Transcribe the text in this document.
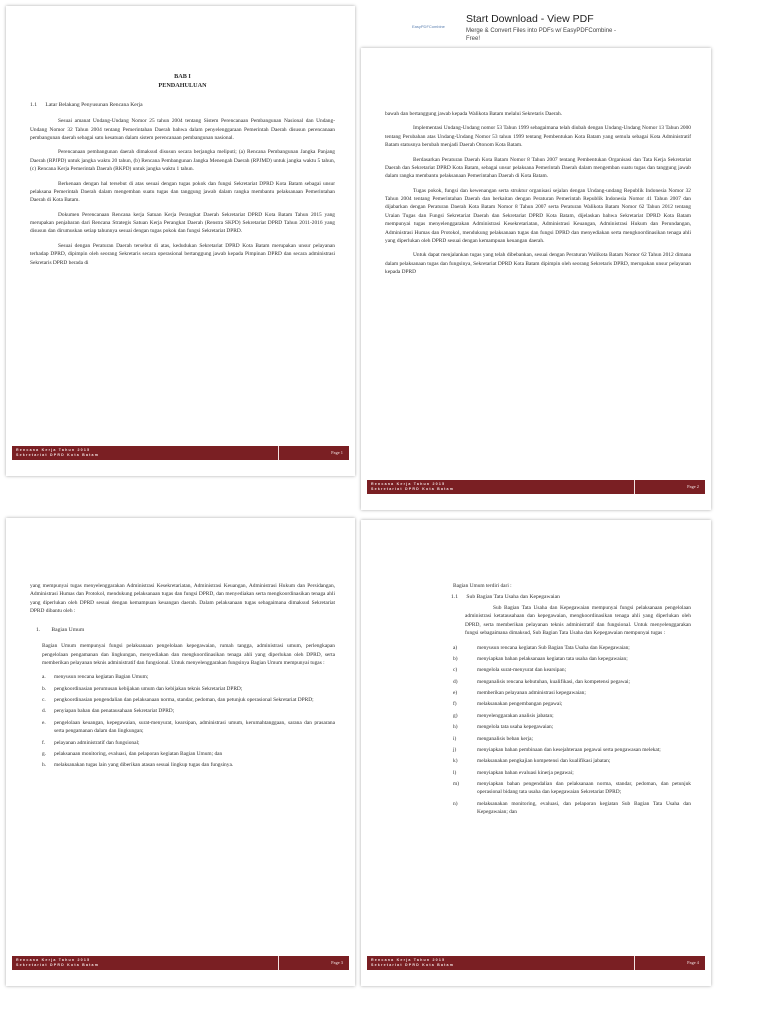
EasyPDFCombine
Start Download - View PDF
Merge & Convert Files into PDFs w/ EasyPDFCombine - Free!
BAB I
PENDAHULUAN
1.1 Latar Belakang Penyusunan Rencana Kerja

Sesuai amanat Undang-Undang Nomor 25 tahun 2004 tentang Sistem Perencanaan Pembangunan Nasional dan Undang-Undang Nomor 32 Tahun 2004 tentang Pemerintahan Daerah bahwa dalam penyelenggaraan Pemerintah Daerah disusun perencanaan pembangunan daerah sebagai satu kesatuan dalam sistem perencanaan pembangunan nasional.

Perencanaan pembangunan daerah dimaksud disusun secara berjangka meliputi; (a) Rencana Pembangunan Jangka Panjang Daerah (RPJPD) untuk jangka waktu 20 tahun, (b) Rencana Pembangunan Jangka Menengah Daerah (RPJMD) untuk jangka waktu 5 tahun, (c) Rencana Kerja Pemerintah Daerah (RKPD) untuk jangka waktu 1 tahun.

Berkenaan dengan hal tersebut di atas sesuai dengan tugas pokok dan fungsi Sekretariat DPRD Kota Batam sebagai unsur pelaksana Pemerintah Daerah dalam mengemban suatu tugas dan tanggung jawab dalam rangka membantu pelaksanaan Pemerintahan Daerah di Kota Batam.

Dokumen Perencanaan Rencana kerja Satuan Kerja Perangkat Daerah Sekretariat DPRD Kota Batam Tahun 2015 yang merupakan penjabaran dari Rencana Strategis Satuan Kerja Perangkat Daerah (Renstra SKPD) Sekretariat DPRD Tahun 2011-2016 yang disusun dan dirumuskan setiap tahunnya sesuai dengan tugas pokok dan fungsi Sekretariat DPRD.

Sesuai dengan Peraturan Daerah tersebut di atas, kedudukan Sekretariat DPRD Kota Batam merupakan unsur pelayanan terhadap DPRD, dipimpin oleh seorang Sekretaris secara operasional bertanggung jawab kepada Pimpinan DPRD dan secara administrasi Sekretaris DPRD berada di

Rencana Kerja Tahun 2015
Sekretariat DPRD Kota Batam	Page 1

bawah dan bertanggung jawab kepada Walikota Batam melalui Sekretaris Daerah.

Implementasi Undang-Undang nomor 53 Tahun 1999 sebagaimana telah diubah dengan Undang-Undang Nomor 13 Tahun 2000 tentang Perubahan atas Undang-Undang Nomor 53 tahun 1999 tentang Pembentukan Kota Batam yang semula sebagai Kota Administratif Batam statusnya berubah menjadi Daerah Otonom Kota Batam.

Berdasarkan Peraturan Daerah Kota Batam Nomor 8 Tahun 2007 tentang Pembentukan Organisasi dan Tata Kerja Sekretariat Daerah dan Sekretariat DPRD Kota Batam, sebagai unsur pelaksana Pemerintah Daerah dalam mengemban suatu tugas dan tanggung jawab dalam rangka membantu pelaksanaan Pemerintahan Daerah di Kota Batam.

Tugas pokok, fungsi dan kewenangan serta struktur organisasi sejalan dengan Undang-undang Republik Indonesia Nomor 32 Tahun 2004 tentang Pemerintahan Daerah dan berkaitan dengan Peraturan Pemerintah Republik Indonesia Nomor 41 Tahun 2007 dan dijabarkan dengan Peraturan Daerah Kota Batam Nomor 8 Tahun 2007 serta Peraturan Walikota Batam Nomor 62 Tahun 2012 tentang Uraian Tugas dan Fungsi Sekretariat Daerah dan Sekretariat DPRD Kota Batam, dijelaskan bahwa Sekretariat DPRD Kota Batam mempunyai tugas menyelenggarakan Administrasi Kesekretariatan, Administrasi Keuangan, Administrasi Hukum dan Perundangan, Administrasi Humas dan Protokol, mendukung pelaksanaan tugas dan fungsi DPRD dan menyediakan serta mengkoordinasikan tenaga ahli yang diperlukan oleh DPRD sesuai dengan kemampuan keuangan daerah.

Untuk dapat menjalankan tugas yang telah dibebankan, sesuai dengan Peraturan Walikota Batam Nomor 62 Tahun 2012 dimana dalam pelaksanaan tugas dan fungsinya, Sekretariat DPRD Kota Batam dipimpin oleh seorang Sekretaris DPRD, merupakan unsur pelayanan kepada DPRD

Rencana Kerja Tahun 2015
Sekretariat DPRD Kota Batam	Page 2

yang mempunyai tugas menyelenggarakan Administrasi Kesekretariatan, Administrasi Keuangan, Administrasi Hukum dan Persidangan, Administrasi Humas dan Protokol, mendukung pelaksanaan tugas dan fungsi DPRD, dan menyediakan serta mengkoordinasikan tenaga ahli yang diperlukan oleh DPRD sesuai dengan kemampuan keuangan daerah. Dalam pelaksanaan tugas sebagaimana dimaksud Sekretariat DPRD dibantu oleh :

1. Bagian Umum

Bagian Umum mempunyai fungsi pelaksanaan pengelolaan kepegawaian, rumah tangga, administrasi umum, perlengkapan pengelolaan pengamanan dan lingkungan, menyediakan dan mengkoordinasikan tenaga ahli yang diperlukan oleh DPRD, serta memberikan pelayanan teknis administratif dan fungsional. Untuk menyelenggarakan fungsinya Bagian Umum mempunyai tugas :

a. menyusun rencana kegiatan Bagian Umum;
b. pengkoordinasian perumusan kebijakan umum dan kebijakan teknis Sekretariat DPRD;
c. pengkoordinasian pengendalian dan pelaksanaan norma, standar, pedoman, dan petunjuk operasional Sekretariat DPRD;
d. penyiapan bahan dan penatausahaan Sekretariat DPRD;
e. pengelolaan keuangan, kepegawaian, surat-menyurat, kearsipan, administrasi umum, kerumahtanggaan, sarana dan prasarana serta pengamanan dalam dan lingkungan;
f. pelayanan administratif dan fungsional;
g. pelaksanaan monitoring, evaluasi, dan pelaporan kegiatan Bagian Umum; dan
h. melaksanakan tugas lain yang diberikan atasan sesuai lingkup tugas dan fungsinya.
Rencana Kerja Tahun 2015
Sekretariat DPRD Kota Batam	Page 3

Bagian Umum terdiri dari :

1.1 Sub Bagian Tata Usaha dan Kepegawaian

Sub Bagian Tata Usaha dan Kepegawaian mempunyai fungsi pelaksanaan pengelolaan administrasi ketatausahaan dan kepegawaian, mengkoordinasikan tenaga ahli yang diperlukan oleh DPRD, serta memberikan pelayanan teknis administratif dan fungsional. Untuk menyelenggarakan fungsi sebagaimana dimaksud, Sub Bagian Tata Usaha dan Kepegawaian mempunyai tugas :

a)	menyusun rencana kegiatan Sub Bagian Tata Usaha dan Kepegawaian;
b)	menyiapkan bahan pelaksanaan kegiatan tata usaha dan kepegawaian;
c)	mengelola surat-menyurat dan kearsipan;
d)	menganalisis rencana kebutuhan, kualifikasi, dan kompetensi pegawai;
e)	memberikan pelayanan administrasi kepegawaian;
f)	melaksanakan pengembangan pegawai;
g)	menyelenggarakan analisis jabatan;
h)	mengelola tata usaha kepegawaian;
i)	menganalisis beban kerja;
j)	menyiapkan bahan pembinaan dan kesejahteraan pegawai serta pengawasan melekat;
k)	melaksanakan pengkajian kompetensi dan kualifikasi jabatan;
l)	menyiapkan bahan evaluasi kinerja pegawai;
m)	menyiapkan bahan pengendalian dan pelaksanaan norma, standar, pedoman, dan petunjuk operasional bidang tata usaha dan kepegawaian Sekretariat DPRD;
n)	melaksanakan monitoring, evaluasi, dan pelaporan kegiatan Sub Bagian Tata Usaha dan Kepegawaian; dan
Rencana Kerja Tahun 2015
Sekretariat DPRD Kota Batam	Page 4
